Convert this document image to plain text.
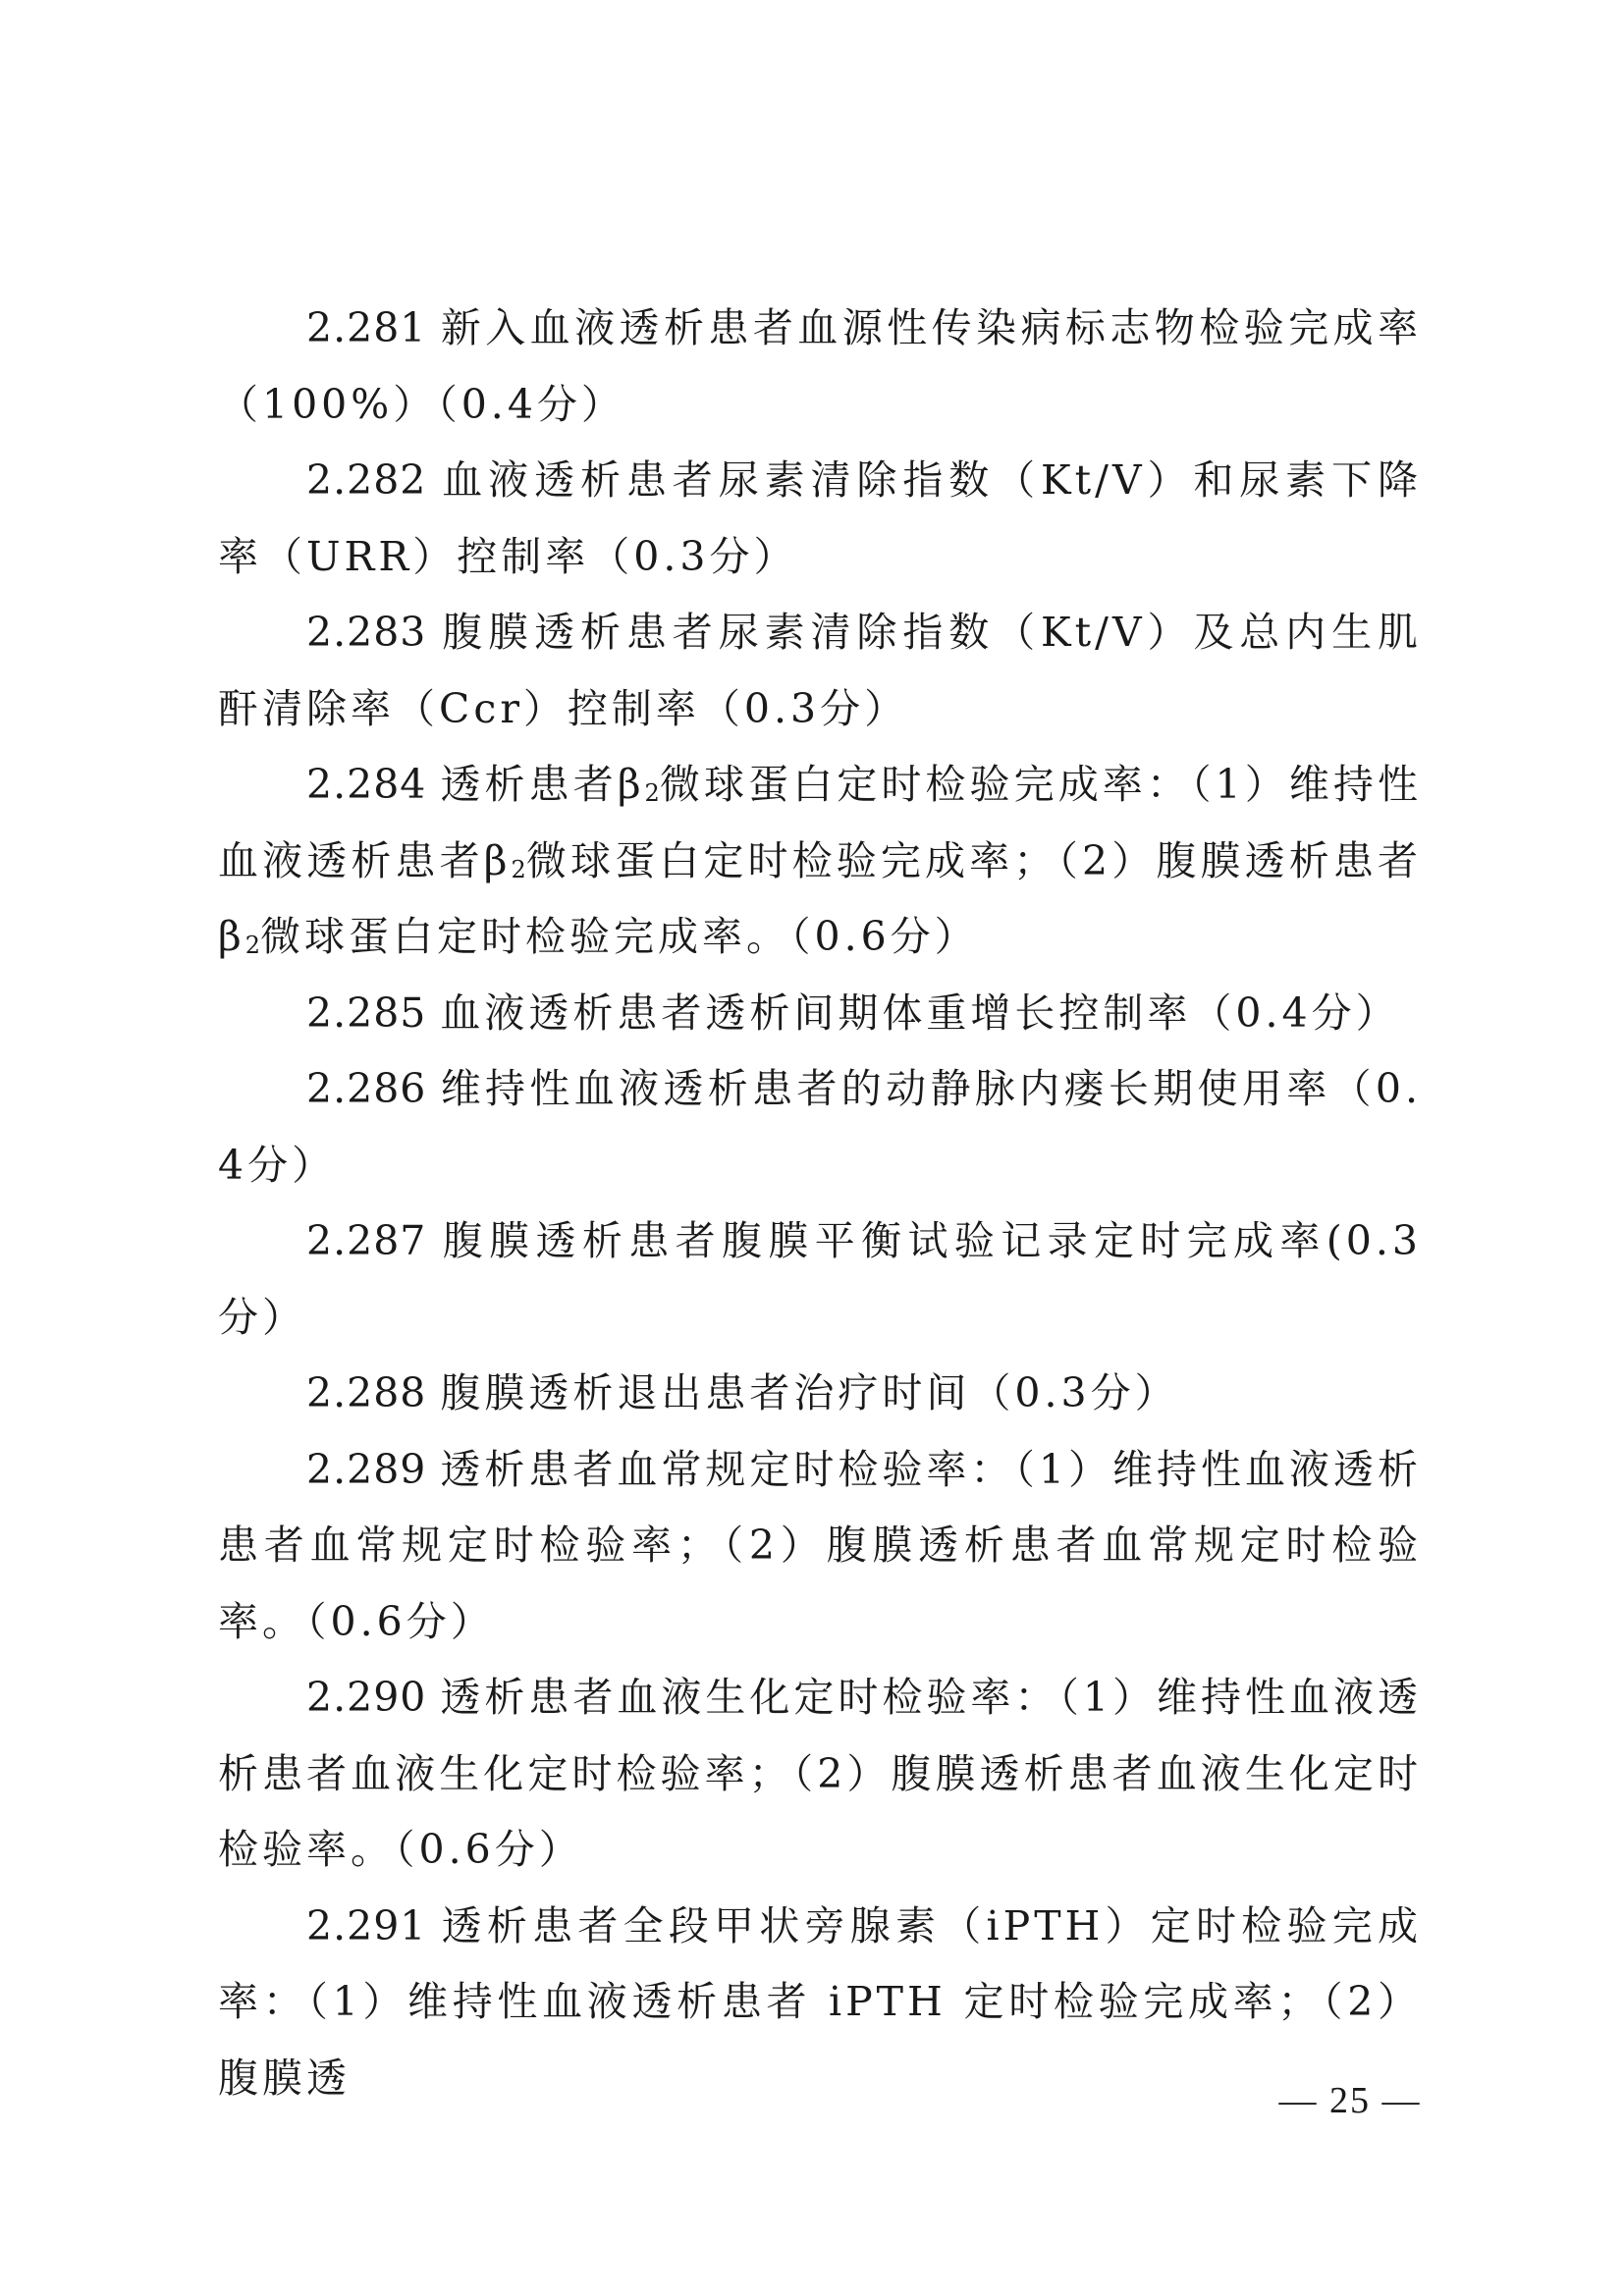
2.281 新入血液透析患者血源性传染病标志物检验完成率（100%）（0.4分）

2.282 血液透析患者尿素清除指数（Kt/V）和尿素下降率（URR）控制率（0.3分）

2.283 腹膜透析患者尿素清除指数（Kt/V）及总内生肌酐清除率（Ccr）控制率（0.3分）

2.284 透析患者$\beta_2$微球蛋白定时检验完成率：（1）维持性血液透析患者$\beta_2$微球蛋白定时检验完成率；（2）腹膜透析患者$\beta_2$微球蛋白定时检验完成率。（0.6分）

2.285 血液透析患者透析间期体重增长控制率（0.4分）

2.286 维持性血液透析患者的动静脉内瘘长期使用率（0.4分）

2.287 腹膜透析患者腹膜平衡试验记录定时完成率(0.3分）

2.288 腹膜透析退出患者治疗时间（0.3分）

2.289 透析患者血常规定时检验率：（1）维持性血液透析患者血常规定时检验率；（2）腹膜透析患者血常规定时检验率。（0.6分）

2.290 透析患者血液生化定时检验率：（1）维持性血液透析患者血液生化定时检验率；（2）腹膜透析患者血液生化定时检验率。（0.6分）

2.291 透析患者全段甲状旁腺素（iPTH）定时检验完成率：（1）维持性血液透析患者 iPTH 定时检验完成率；（2）腹膜透	— 25 —
